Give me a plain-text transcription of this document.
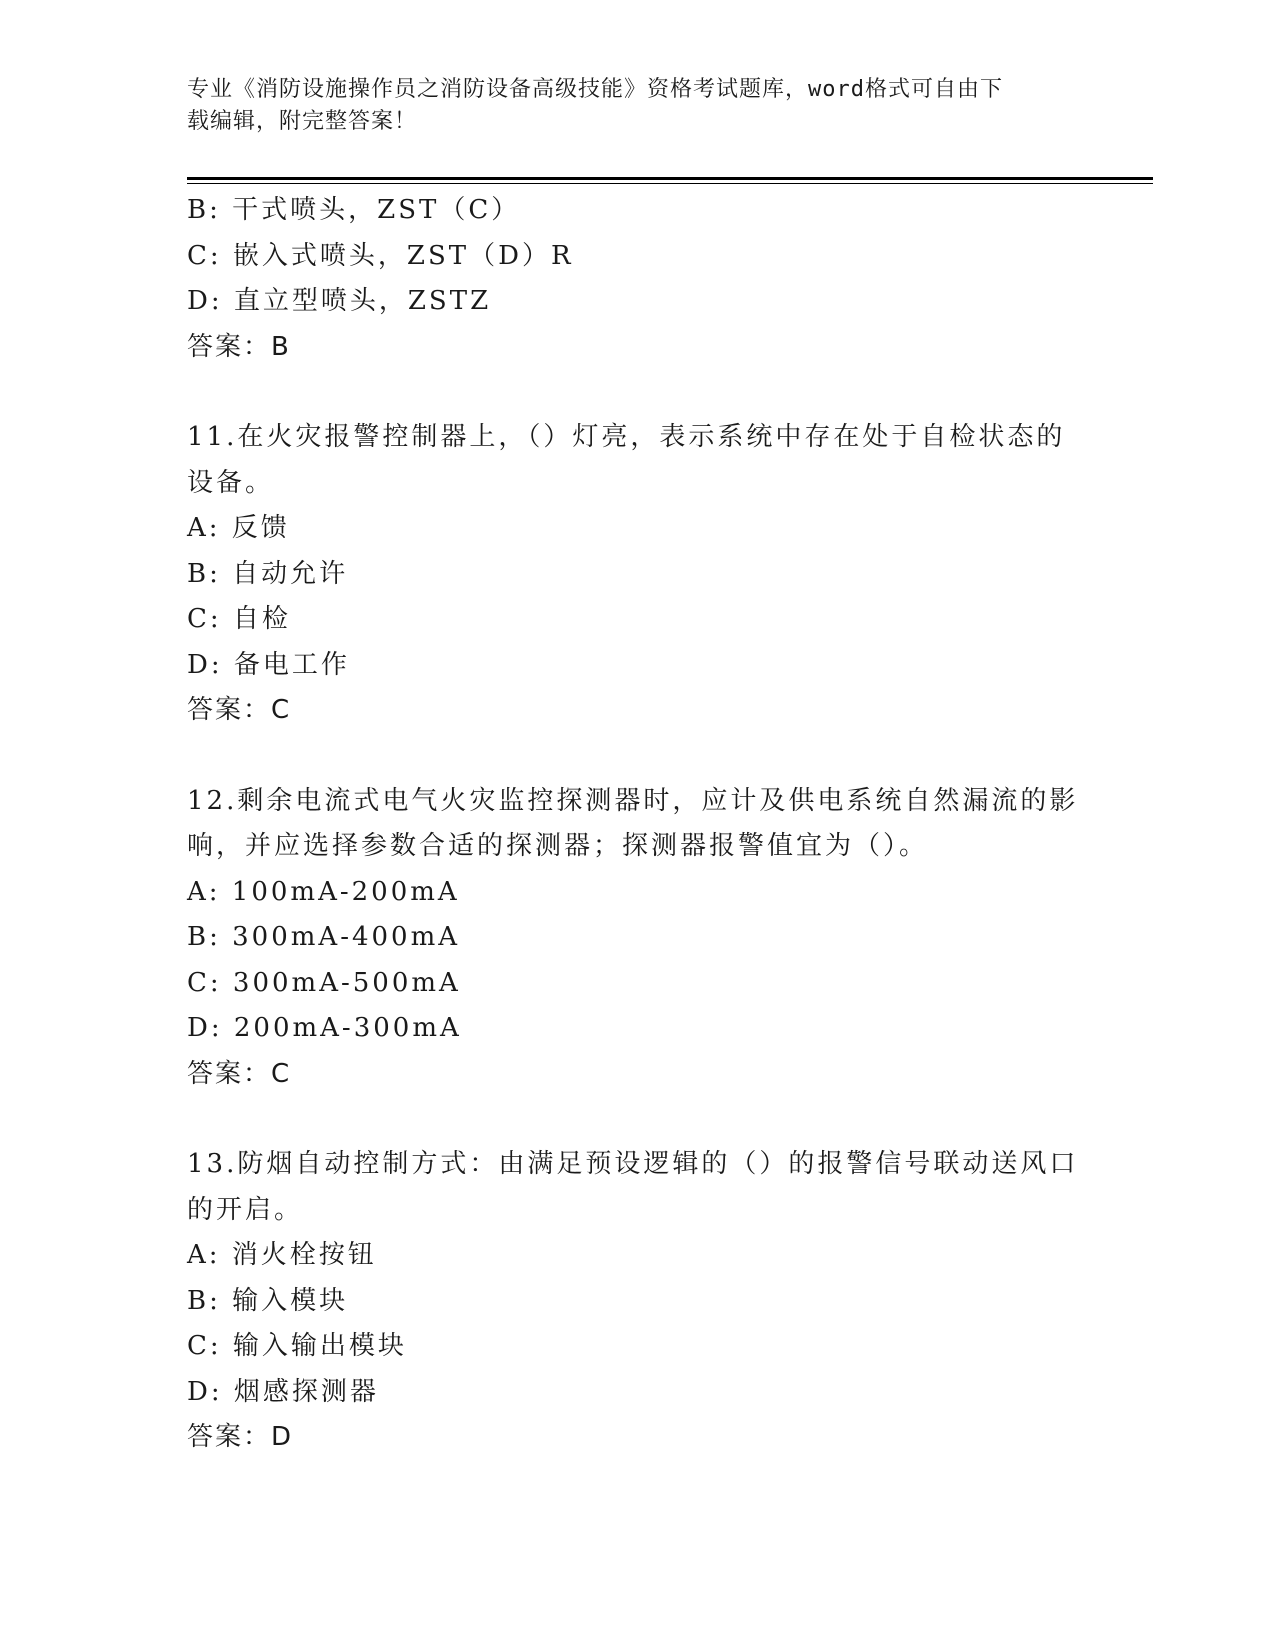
专业《消防设施操作员之消防设备高级技能》资格考试题库，word格式可自由下
载编辑，附完整答案！
B: 干式喷头，ZST（C）
C: 嵌入式喷头，ZST（D）R
D: 直立型喷头，ZSTZ
答案：B
11.在火灾报警控制器上，（）灯亮，表示系统中存在处于自检状态的
设备。
A: 反馈
B: 自动允许
C: 自检
D: 备电工作
答案：C
12.剩余电流式电气火灾监控探测器时，应计及供电系统自然漏流的影
响，并应选择参数合适的探测器；探测器报警值宜为（）。
A: 100mA-200mA
B: 300mA-400mA
C: 300mA-500mA
D: 200mA-300mA
答案：C
13.防烟自动控制方式：由满足预设逻辑的（）的报警信号联动送风口
的开启。
A: 消火栓按钮
B: 输入模块
C: 输入输出模块
D: 烟感探测器
答案：D
